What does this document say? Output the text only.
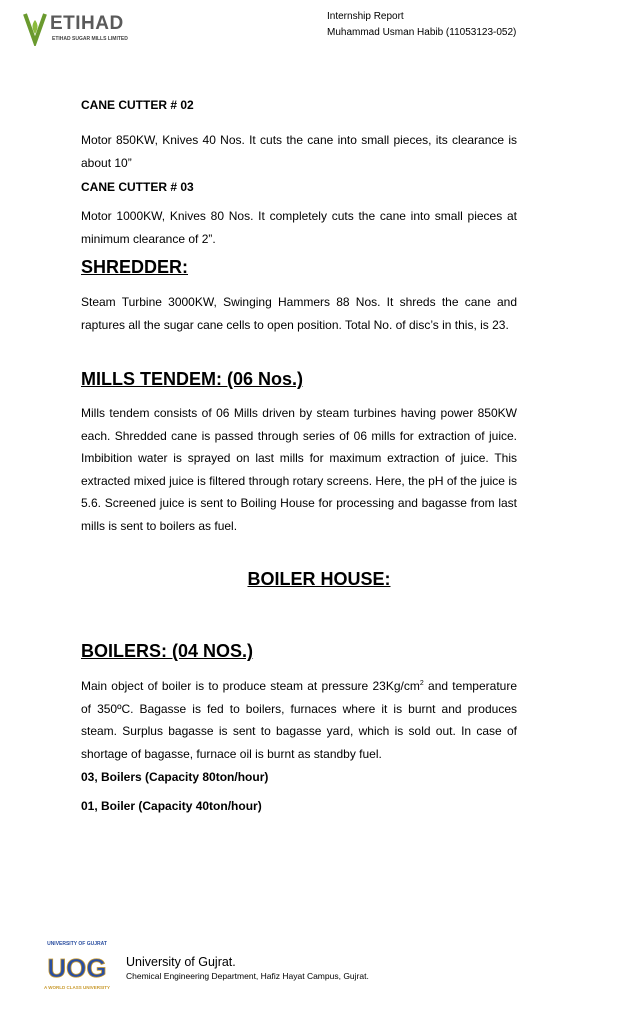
ETIHAD
ETIHAD SUGAR MILLS LIMITED
Internship Report
Muhammad Usman Habib (11053123-052)
CANE CUTTER # 02
Motor 850KW, Knives 40 Nos. It cuts the cane into small pieces, its clearance is about 10”
CANE CUTTER # 03
Motor 1000KW, Knives 80 Nos. It completely cuts the cane into small pieces at minimum clearance of 2”.
SHREDDER:
Steam Turbine 3000KW, Swinging Hammers 88 Nos. It shreds the cane and raptures all the sugar cane cells to open position. Total No. of disc’s in this, is 23.
MILLS TENDEM: (06 Nos.)
Mills tendem consists of 06 Mills driven by steam turbines having power 850KW each. Shredded cane is passed through series of 06 mills for extraction of juice. Imbibition water is sprayed on last mills for maximum extraction of juice. This extracted mixed juice is filtered through rotary screens. Here, the pH of the juice is 5.6. Screened juice is sent to Boiling House for processing and bagasse from last mills is sent to boilers as fuel.
BOILER HOUSE:
BOILERS: (04 NOS.)
Main object of boiler is to produce steam at pressure $23Kg/cm^2$ and temperature of 350ºC. Bagasse is fed to boilers, furnaces where it is burnt and produces steam. Surplus bagasse is sent to bagasse yard, which is sold out. In case of shortage of bagasse, furnace oil is burnt as standby fuel.
03, Boilers (Capacity 80ton/hour)
01, Boiler (Capacity 40ton/hour)
UNIVERSITY OF GUJRAT
UOG
A WORLD CLASS UNIVERSITY
University of Gujrat.
Chemical Engineering Department, Hafiz Hayat Campus, Gujrat.
